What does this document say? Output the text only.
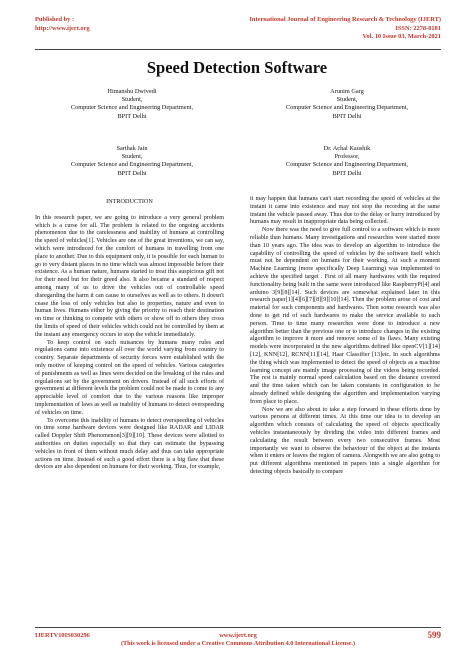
Published by :
http://www.ijert.org
International Journal of Engineering Research & Technology (IJERT)
ISSN: 2278-0181
Vol. 10 Issue 03, March-2021
Speed Detection Software
Himanshu Dwivedi
Student,
Computer Science and Engineering Department,
BPIT Delhi
Arunim Garg
Student,
Computer Science and Engineering Department,
BPIT Delhi
Sarthak Jain
Student,
Computer Science and Engineering Department,
BPIT Delhi
Dr. Achal Kaushik
Professor,
Computer Science and Engineering Department,
BPIT Delhi

INTRODUCTION

In this research paper, we are going to introduce a very general problem which is a curse for all. The problem is related to the ongoing accidents phenomenon due to the carelessness and inability of humans at controlling the speed of vehicles[1]. Vehicles are one of the great inventions, we can say, which were introduced for the comfort of humans in travelling from one place to another. Due to this equipment only, it is possible for each human to go to very distant places in no time which was almost impossible before their existence. As a human nature, humans started to treat this auspicious gift not for their need but for their greed also. It also became a standard of respect among many of us to drive the vehicles out of controllable speed disregarding the harm it can cause to ourselves as well as to others. It doesn't cease the loss of only vehicles but also to properties, nature and even to human lives. Humans either by giving the priority to reach their destination on time or thinking to compete with others or show off to others they cross the limits of speed of their vehicles which could not be controlled by them at the instant any emergency occurs to stop the vehicle immediately.

To keep control on such nuisances by humans many rules and regulations came into existence all over the world varying from country to country. Separate departments of security forces were established with the only motive of keeping control on the speed of vehicles. Various categories of punishments as well as fines were decided on the breaking of the rules and regulations set by the government on drivers. Instead of all such efforts of government at different levels the problem could not be made to come to any appreciable level of comfort due to the various reasons like improper implementation of laws as well as inability of humans to detect overspeeding of vehicles on time.

To overcome this inability of humans to detect overspeeding of vehicles on time some hardware devices were designed like RADAR and LIDAR called Doppler Shift Phenomenon[3][9][10]. These devices were allotted to authorities on duties especially so that they can estimate the bypassing vehicles in front of them without much delay and thus can take appropriate actions on time. Instead of such a good effort there is a big flaw that these devices are also dependent on humans for their working. Thus, for example,

it may happen that humans can't start recording the speed of vehicles at the instant it came into existence and may not stop the recording at the same instant the vehicle passed away. Thus due to the delay or hurry introduced by humans may result in inappropriate data being collected.

Now there was the need to give full control to a software which is more reliable than humans. Many investigations and researches were started more than 10 years ago. The idea was to develop an algorithm to introduce the capability of controlling the speed of vehicles by the software itself which must not be dependent on humans for their working. At such a moment Machine Learning (more specifically Deep Learning) was implemented to achieve the specified target . First of all many hardwares with the required functionality being built in the same were introduced like RaspberryPi[4] and arduino 3[9][8][14]. Such devices are somewhat explained later in this research paper[1][4][6][7][8][9][10][14]. Then the problem arose of cost and material for such components and hardwares. Then some research was also done to get rid of such hardwares to make the service available to each person. Time to time many researches were done to introduce a new algorithm better than the previous one or to introduce changes in the existing algorithm to improve it more and remove some of its flaws. Many existing models were incorporated in the new algorithms defined like openCV[1][14][12], KNN[12], RCNN[11][14], Haar Classifier [13]etc. In such algorithms the thing which was implemented to detect the speed of objects as a machine learning concept are mainly image processing of the videos being recorded. The rest is mainly normal speed calculation based on the distance covered and the time taken which can be taken constants in configuration to be already defined while designing the algorithm and implementation varying from place to place.

Now we are also about to take a step forward in these efforts done by various persons at different times. At this time our idea is to develop an algorithm which consists of calculating the speed of objects specifically vehicles instantaneously by dividing the video into different frames and calculating the result between every two consecutive frames. Most importantly we want to observe the behaviour of the object at the instants when it enters or leaves the region of camera. Alongwith we are also going to put different algorithms mentioned in papers into a single algorithm for detecting objects basically to compare

IJERTV10IS030296	www.ijert.org
(This work is licensed under a Creative Commons Attribution 4.0 International License.)
599
